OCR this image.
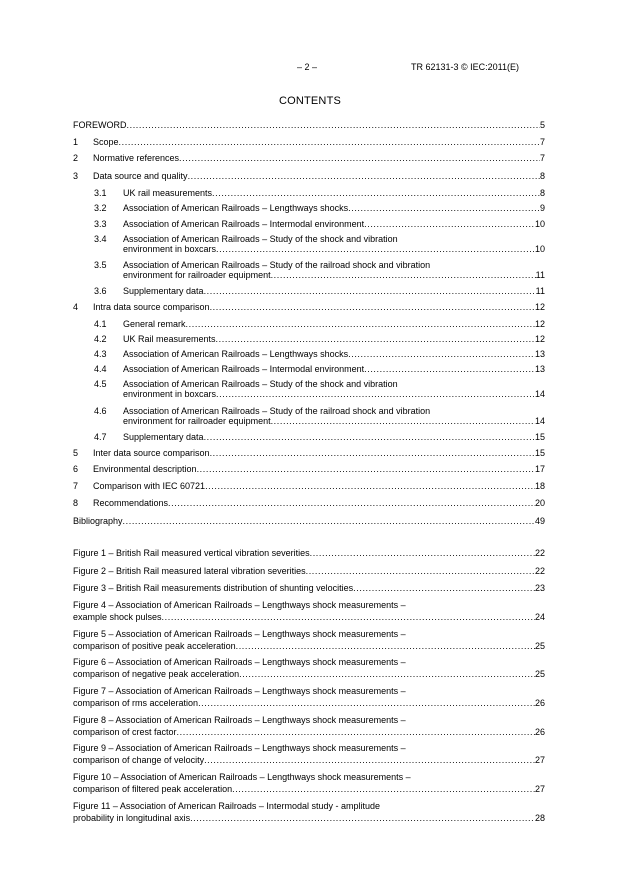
– 2 –	TR 62131-3 © IEC:2011(E)
CONTENTS
FOREWORD .....	5
1 Scope .....	7
2 Normative references .....	7
3 Data source and quality .....	8
3.1 UK rail measurements .....	8
3.2 Association of American Railroads – Lengthways shocks .....	9
3.3 Association of American Railroads – Intermodal environment .....	10
3.4 Association of American Railroads – Study of the shock and vibration
environment in boxcars .....	10
3.5 Association of American Railroads – Study of the railroad shock and vibration
environment for railroader equipment .....	11
3.6 Supplementary data .....	11
4 Intra data source comparison .....	12
4.1 General remark .....	12
4.2 UK Rail measurements .....	12
4.3 Association of American Railroads – Lengthways shocks .....	13
4.4 Association of American Railroads – Intermodal environment .....	13
4.5 Association of American Railroads – Study of the shock and vibration
environment in boxcars .....	14
4.6 Association of American Railroads – Study of the railroad shock and vibration
environment for railroader equipment .....	14
4.7 Supplementary data .....	15
5 Inter data source comparison .....	15
6 Environmental description .....	17
7 Comparison with IEC 60721 .....	18
8 Recommendations .....	20
Bibliography .....	49
Figure 1 – British Rail measured vertical vibration severities .....	22
Figure 2 – British Rail measured lateral vibration severities .....	22
Figure 3 – British Rail measurements distribution of shunting velocities .....	23
Figure 4 – Association of American Railroads – Lengthways shock measurements –
example shock pulses .....	24
Figure 5 – Association of American Railroads – Lengthways shock measurements –
comparison of positive peak acceleration .....	25
Figure 6 – Association of American Railroads – Lengthways shock measurements –
comparison of negative peak acceleration .....	25
Figure 7 – Association of American Railroads – Lengthways shock measurements –
comparison of rms acceleration .....	26
Figure 8 – Association of American Railroads – Lengthways shock measurements –
comparison of crest factor .....	26
Figure 9 – Association of American Railroads – Lengthways shock measurements –
comparison of change of velocity .....	27
Figure 10 – Association of American Railroads – Lengthways shock measurements –
comparison of filtered peak acceleration .....	27
Figure 11 – Association of American Railroads – Intermodal study - amplitude
probability in longitudinal axis .....	28
